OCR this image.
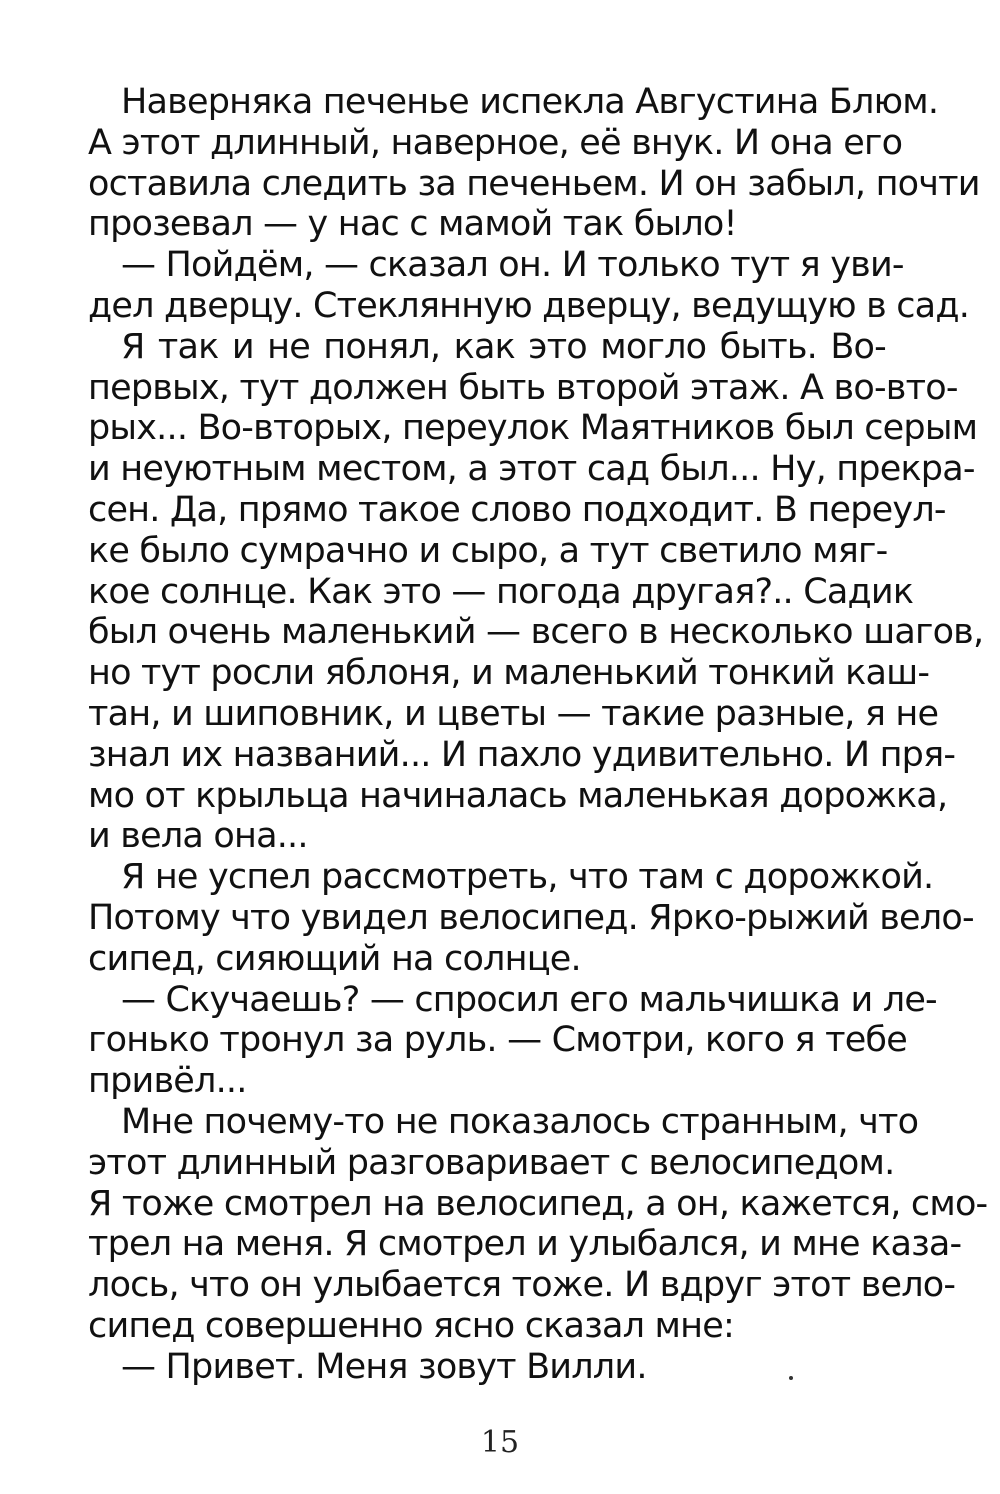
Наверняка печенье испекла Августина Блюм.
А этот длинный, наверное, её внук. И она его
оставила следить за печеньем. И он забыл, почти
прозевал — у нас с мамой так было!
— Пойдём, — сказал он. И только тут я уви-
дел дверцу. Стеклянную дверцу, ведущую в сад.
Я так и не понял, как это могло быть. Во-
первых, тут должен быть второй этаж. А во-вто-
рых... Во-вторых, переулок Маятников был серым
и неуютным местом, а этот сад был... Ну, прекра-
сен. Да, прямо такое слово подходит. В переул-
ке было сумрачно и сыро, а тут светило мяг-
кое солнце. Как это — погода другая?.. Садик
был очень маленький — всего в несколько шагов,
но тут росли яблоня, и маленький тонкий каш-
тан, и шиповник, и цветы — такие разные, я не
знал их названий... И пахло удивительно. И пря-
мо от крыльца начиналась маленькая дорожка,
и вела она...
Я не успел рассмотреть, что там с дорожкой.
Потому что увидел велосипед. Ярко-рыжий вело-
сипед, сияющий на солнце.
— Скучаешь? — спросил его мальчишка и ле-
гонько тронул за руль. — Смотри, кого я тебе
привёл...
Мне почему-то не показалось странным, что
этот длинный разговаривает с велосипедом.
Я тоже смотрел на велосипед, а он, кажется, смо-
трел на меня. Я смотрел и улыбался, и мне каза-
лось, что он улыбается тоже. И вдруг этот вело-
сипед совершенно ясно сказал мне:
— Привет. Меня зовут Вилли.
15
